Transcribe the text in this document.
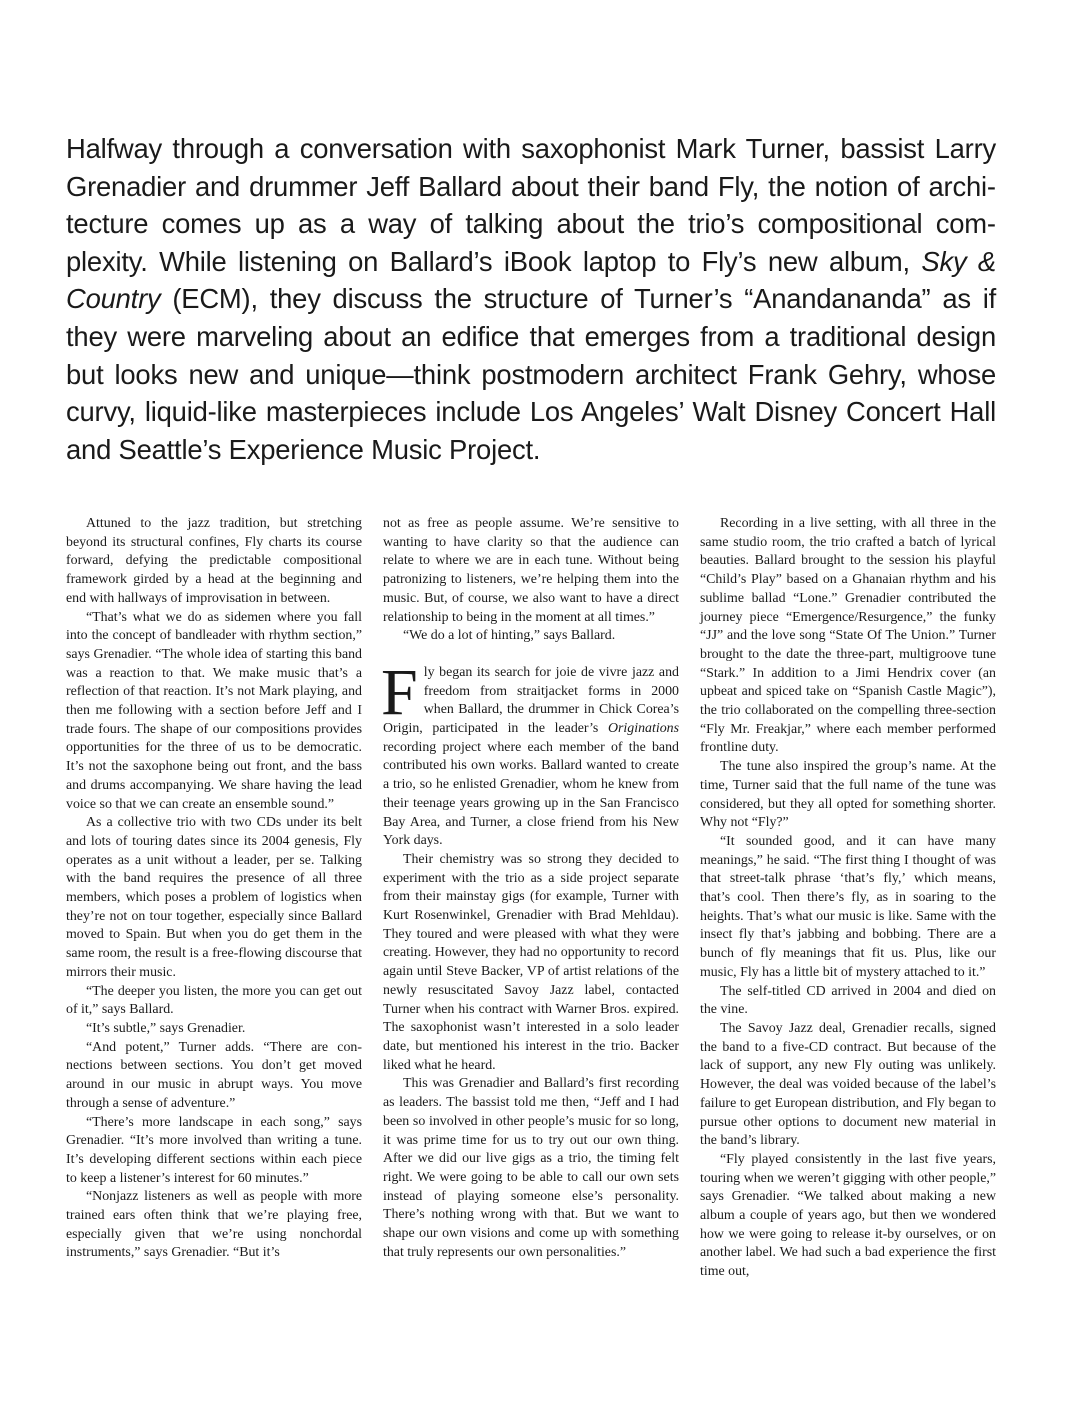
Halfway through a conversation with saxophonist Mark Turner, bassist Larry Grenadier and drummer Jeff Ballard about their band Fly, the notion of architecture comes up as a way of talking about the trio’s compositional complexity. While listening on Ballard’s iBook laptop to Fly’s new album, Sky & Country (ECM), they discuss the structure of Turner’s “Anandananda” as if they were marveling about an edifice that emerges from a traditional design but looks new and unique—think postmodern architect Frank Gehry, whose curvy, liquid-like masterpieces include Los Angeles’ Walt Disney Concert Hall and Seattle’s Experience Music Project.

Attuned to the jazz tradition, but stretching beyond its structural confines, Fly charts its course forward, defying the predictable compositional framework girded by a head at the beginning and end with hallways of improvisation in between.

“That’s what we do as sidemen where you fall into the concept of bandleader with rhythm section,” says Grenadier. “The whole idea of starting this band was a reaction to that. We make music that’s a reflection of that reaction. It’s not Mark playing, and then me following with a section before Jeff and I trade fours. The shape of our compositions provides opportunities for the three of us to be democratic. It’s not the saxophone being out front, and the bass and drums accompanying. We share having the lead voice so that we can create an ensemble sound.”

As a collective trio with two CDs under its belt and lots of touring dates since its 2004 genesis, Fly operates as a unit without a leader, per se. Talking with the band requires the presence of all three members, which poses a problem of logistics when they’re not on tour together, especially since Ballard moved to Spain. But when you do get them in the same room, the result is a free-flowing discourse that mirrors their music.

“The deeper you listen, the more you can get out of it,” says Ballard.

“It’s subtle,” says Grenadier.

“And potent,” Turner adds. “There are connections between sections. You don’t get moved around in our music in abrupt ways. You move through a sense of adventure.”

“There’s more landscape in each song,” says Grenadier. “It’s more involved than writing a tune. It’s developing different sections within each piece to keep a listener’s interest for 60 minutes.”

“Nonjazz listeners as well as people with more trained ears often think that we’re playing free, especially given that we’re using nonchordal instruments,” says Grenadier. “But it’s

not as free as people assume. We’re sensitive to wanting to have clarity so that the audience can relate to where we are in each tune. Without being patronizing to listeners, we’re helping them into the music. But, of course, we also want to have a direct relationship to being in the moment at all times.”

“We do a lot of hinting,” says Ballard.

Fly began its search for joie de vivre jazz and freedom from straitjacket forms in 2000 when Ballard, the drummer in Chick Corea’s Origin, participated in the leader’s Originations recording project where each member of the band contributed his own works. Ballard wanted to create a trio, so he enlisted Grenadier, whom he knew from their teenage years growing up in the San Francisco Bay Area, and Turner, a close friend from his New York days.

Their chemistry was so strong they decided to experiment with the trio as a side project separate from their mainstay gigs (for example, Turner with Kurt Rosenwinkel, Grenadier with Brad Mehldau). They toured and were pleased with what they were creating. However, they had no opportunity to record again until Steve Backer, VP of artist relations of the newly resuscitated Savoy Jazz label, contacted Turner when his contract with Warner Bros. expired. The saxophonist wasn’t interested in a solo leader date, but mentioned his interest in the trio. Backer liked what he heard.

This was Grenadier and Ballard’s first recording as leaders. The bassist told me then, “Jeff and I had been so involved in other people’s music for so long, it was prime time for us to try out our own thing. After we did our live gigs as a trio, the timing felt right. We were going to be able to call our own sets instead of playing someone else’s personality. There’s nothing wrong with that. But we want to shape our own visions and come up with something that truly represents our own personalities.”

Recording in a live setting, with all three in the same studio room, the trio crafted a batch of lyrical beauties. Ballard brought to the session his playful “Child’s Play” based on a Ghanaian rhythm and his sublime ballad “Lone.” Grenadier contributed the journey piece “Emergence/Resurgence,” the funky “JJ” and the love song “State Of The Union.” Turner brought to the date the three-part, multigroove tune “Stark.” In addition to a Jimi Hendrix cover (an upbeat and spiced take on “Spanish Castle Magic”), the trio collaborated on the compelling three-section “Fly Mr. Freakjar,” where each member performed frontline duty.

The tune also inspired the group’s name. At the time, Turner said that the full name of the tune was considered, but they all opted for something shorter. Why not “Fly?”

“It sounded good, and it can have many meanings,” he said. “The first thing I thought of was that street-talk phrase ‘that’s fly,’ which means, that’s cool. Then there’s fly, as in soaring to the heights. That’s what our music is like. Same with the insect fly that’s jabbing and bobbing. There are a bunch of fly meanings that fit us. Plus, like our music, Fly has a little bit of mystery attached to it.”

The self-titled CD arrived in 2004 and died on the vine.

The Savoy Jazz deal, Grenadier recalls, signed the band to a five-CD contract. But because of the lack of support, any new Fly outing was unlikely. However, the deal was voided because of the label’s failure to get European distribution, and Fly began to pursue other options to document new material in the band’s library.

“Fly played consistently in the last five years, touring when we weren’t gigging with other people,” says Grenadier. “We talked about making a new album a couple of years ago, but then we wondered how we were going to release it-by ourselves, or on another label. We had such a bad experience the first time out,
